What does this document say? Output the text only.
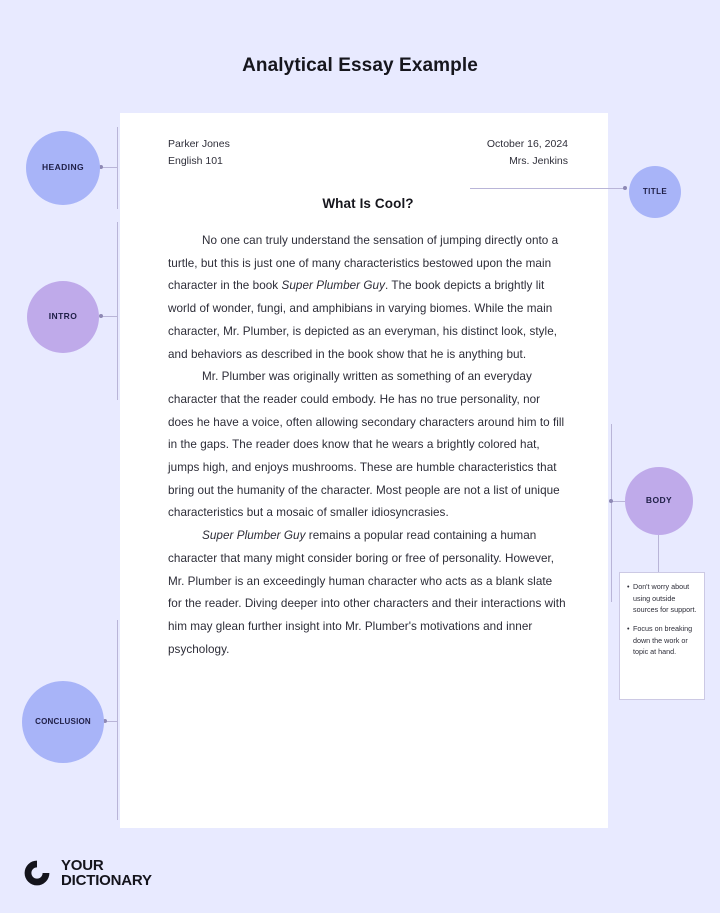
Analytical Essay Example
Parker Jones
English 101
October 16, 2024
Mrs. Jenkins
What Is Cool?

No one can truly understand the sensation of jumping directly onto a turtle, but this is just one of many characteristics bestowed upon the main character in the book Super Plumber Guy. The book depicts a brightly lit world of wonder, fungi, and amphibians in varying biomes. While the main character, Mr. Plumber, is depicted as an everyman, his distinct look, style, and behaviors as described in the book show that he is anything but.

Mr. Plumber was originally written as something of an everyday character that the reader could embody. He has no true personality, nor does he have a voice, often allowing secondary characters around him to fill in the gaps. The reader does know that he wears a brightly colored hat, jumps high, and enjoys mushrooms. These are humble characteristics that bring out the humanity of the character. Most people are not a list of unique characteristics but a mosaic of smaller idiosyncrasies.

Super Plumber Guy remains a popular read containing a human character that many might consider boring or free of personality. However, Mr. Plumber is an exceedingly human character who acts as a blank slate for the reader. Diving deeper into other characters and their interactions with him may glean further insight into Mr. Plumber's motivations and inner psychology.

HEADING
INTRO
CONCLUSION
TITLE
BODY
• Don't worry about using outside sources for support.
• Focus on breaking down the work or topic at hand.
YOUR
DICTIONARY
